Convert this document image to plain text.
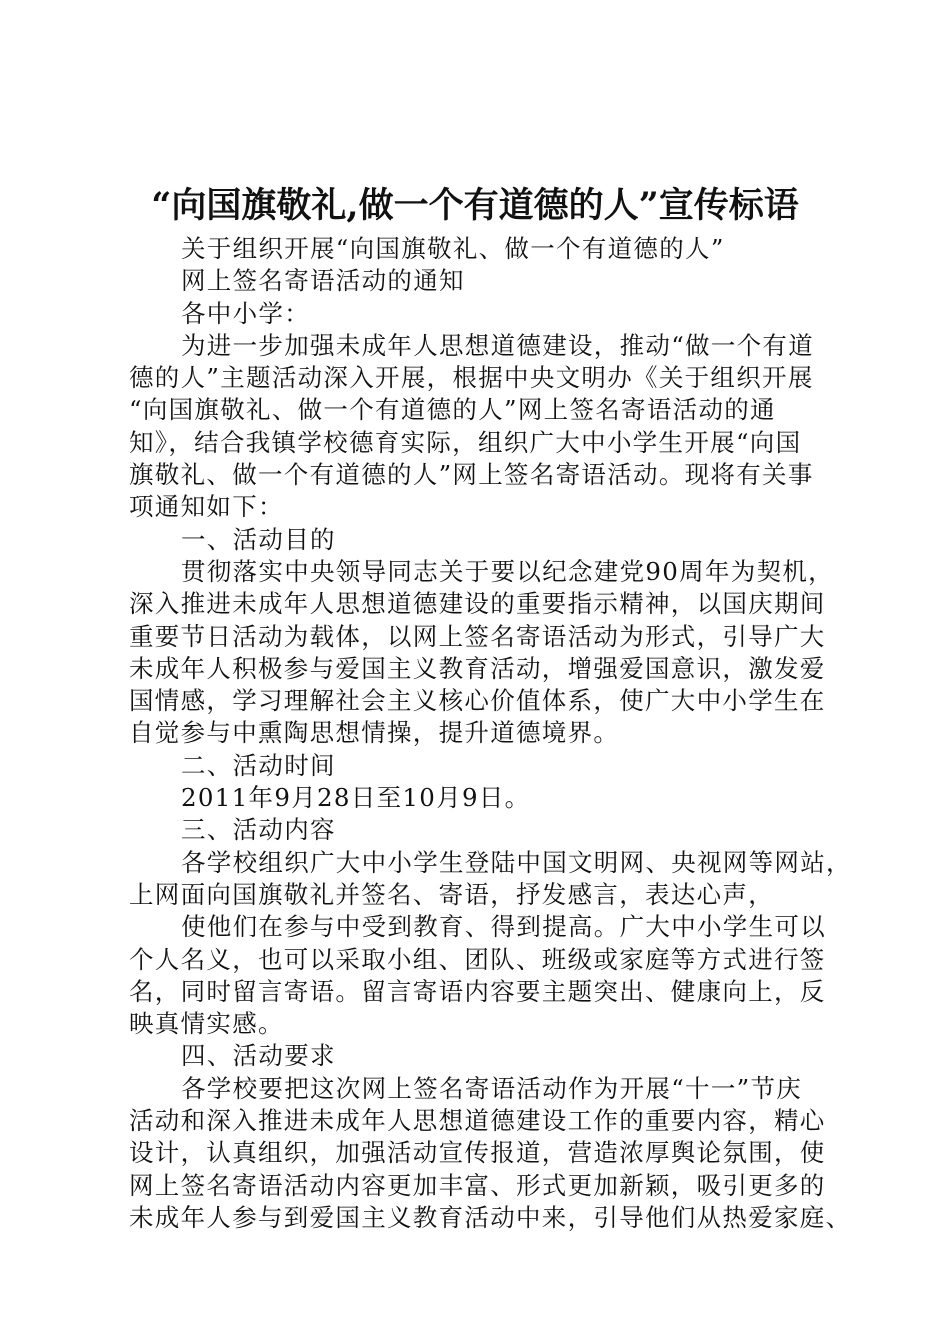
“向国旗敬礼,做一个有道德的人”宣传标语
关于组织开展“向国旗敬礼、做一个有道德的人”
网上签名寄语活动的通知
各中小学：
为进一步加强未成年人思想道德建设，推动“做一个有道
德的人”主题活动深入开展，根据中央文明办《关于组织开展
“向国旗敬礼、做一个有道德的人”网上签名寄语活动的通
知》，结合我镇学校德育实际，组织广大中小学生开展“向国
旗敬礼、做一个有道德的人”网上签名寄语活动。现将有关事
项通知如下：
一、活动目的
贯彻落实中央领导同志关于要以纪念建党90周年为契机，
深入推进未成年人思想道德建设的重要指示精神，以国庆期间
重要节日活动为载体，以网上签名寄语活动为形式，引导广大
未成年人积极参与爱国主义教育活动，增强爱国意识，激发爱
国情感，学习理解社会主义核心价值体系，使广大中小学生在
自觉参与中熏陶思想情操，提升道德境界。
二、活动时间
2011年9月28日至10月9日。
三、活动内容
各学校组织广大中小学生登陆中国文明网、央视网等网站，
上网面向国旗敬礼并签名、寄语，抒发感言，表达心声，
使他们在参与中受到教育、得到提高。广大中小学生可以
个人名义，也可以采取小组、团队、班级或家庭等方式进行签
名，同时留言寄语。留言寄语内容要主题突出、健康向上，反
映真情实感。
四、活动要求
各学校要把这次网上签名寄语活动作为开展“十一”节庆
活动和深入推进未成年人思想道德建设工作的重要内容，精心
设计，认真组织，加强活动宣传报道，营造浓厚舆论氛围，使
网上签名寄语活动内容更加丰富、形式更加新颖，吸引更多的
未成年人参与到爱国主义教育活动中来，引导他们从热爱家庭、
